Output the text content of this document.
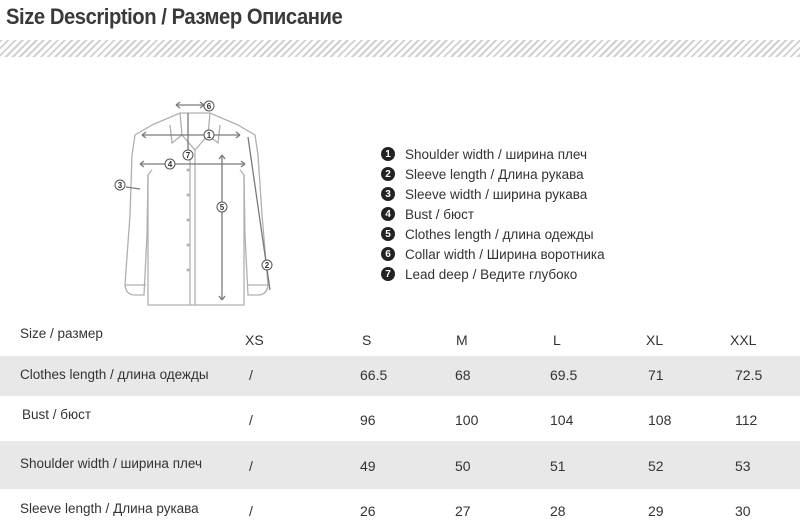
Size Description / Размер Описание
6
1
7
4
3
5
2
1	Shoulder width / ширина плеч
2	Sleeve length / Длина рукава
3	Sleeve width / ширина рукава
4	Bust / бюст
5	Clothes length / длина одежды
6	Collar width / Ширина воротника
7	Lead deep / Ведите глубоко
Size / размер	XS	S	M	L	XL	XXL
Clothes length / длина одежды	/	66.5	68	69.5	71	72.5
Bust / бюст	/	96	100	104	108	112
Shoulder width / ширина плеч	/	49	50	51	52	53
Sleeve length / Длина рукава	/	26	27	28	29	30
